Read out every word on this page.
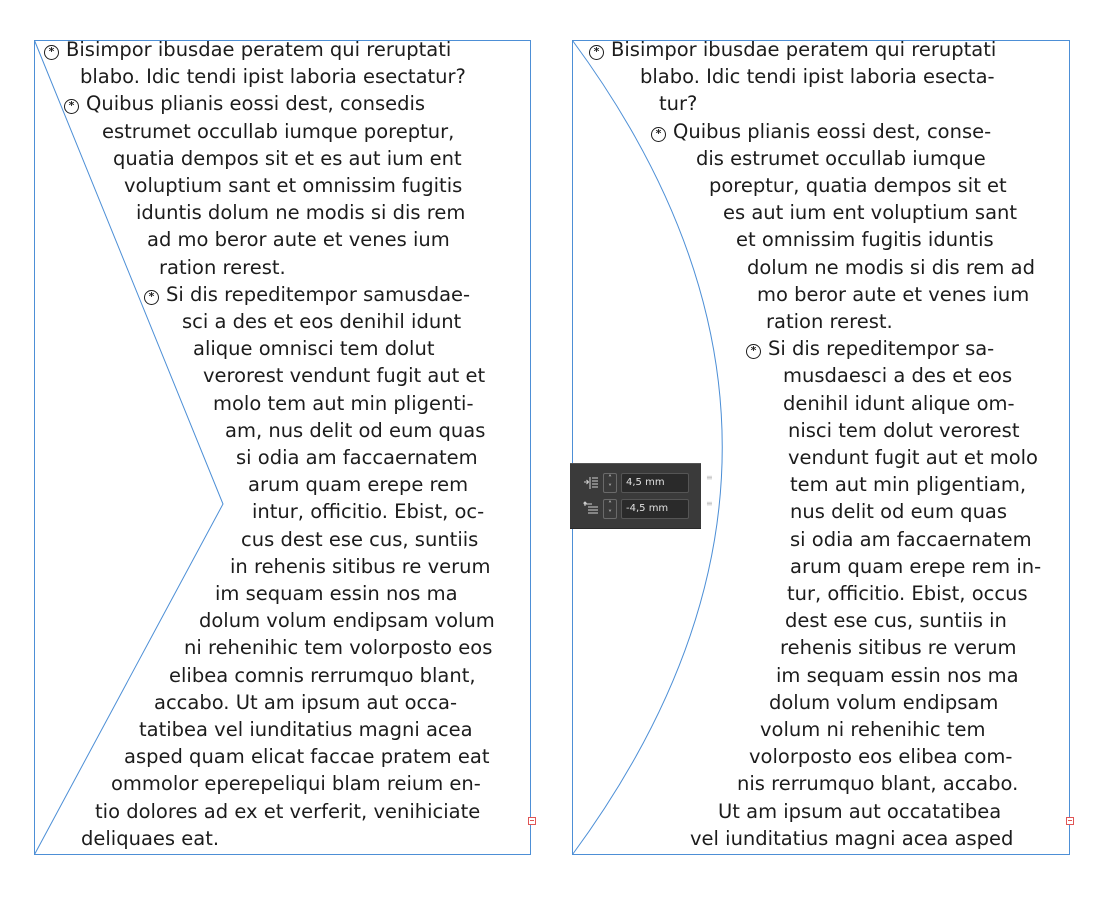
* Bisimpor ibusdae peratem qui reruptati
blabo. Idic tendi ipist laboria esectatur?
* Quibus plianis eossi dest, consedis
estrumet occullab iumque poreptur,
quatia dempos sit et es aut ium ent
voluptium sant et omnissim fugitis
iduntis dolum ne modis si dis rem
ad mo beror aute et venes ium
ration rerest.
* Si dis repeditempor samusdae-
sci a des et eos denihil idunt
alique omnisci tem dolut
verorest vendunt fugit aut et
molo tem aut min pligenti-
am, nus delit od eum quas
si odia am faccaernatem
arum quam erepe rem
intur, officitio. Ebist, oc-
cus dest ese cus, suntiis
in rehenis sitibus re verum
im sequam essin nos ma
dolum volum endipsam volum
ni rehenihic tem volorposto eos
elibea comnis rerrumquo blant,
accabo. Ut am ipsum aut occa-
tatibea vel iunditatius magni acea
asped quam elicat faccae pratem eat
ommolor eperepeliqui blam reium en-
tio dolores ad ex et verferit, venihiciate
deliquaes eat.
* Bisimpor ibusdae peratem qui reruptati
blabo. Idic tendi ipist laboria esecta-
tur?
* Quibus plianis eossi dest, conse-
dis estrumet occullab iumque
poreptur, quatia dempos sit et
es aut ium ent voluptium sant
et omnissim fugitis iduntis
dolum ne modis si dis rem ad
mo beror aute et venes ium
ration rerest.
* Si dis repeditempor sa-
musdaesci a des et eos
denihil idunt alique om-
nisci tem dolut verorest
vendunt fugit aut et molo
tem aut min pligentiam,
nus delit od eum quas
si odia am faccaernatem
arum quam erepe rem in-
tur, officitio. Ebist, occus
dest ese cus, suntiis in
rehenis sitibus re verum
im sequam essin nos ma
dolum volum endipsam
volum ni rehenihic tem
volorposto eos elibea com-
nis rerrumquo blant, accabo.
Ut am ipsum aut occatatibea
vel iunditatius magni acea asped
˄
˅	4,5 mm	≡
˄
˅	-4,5 mm	≡
